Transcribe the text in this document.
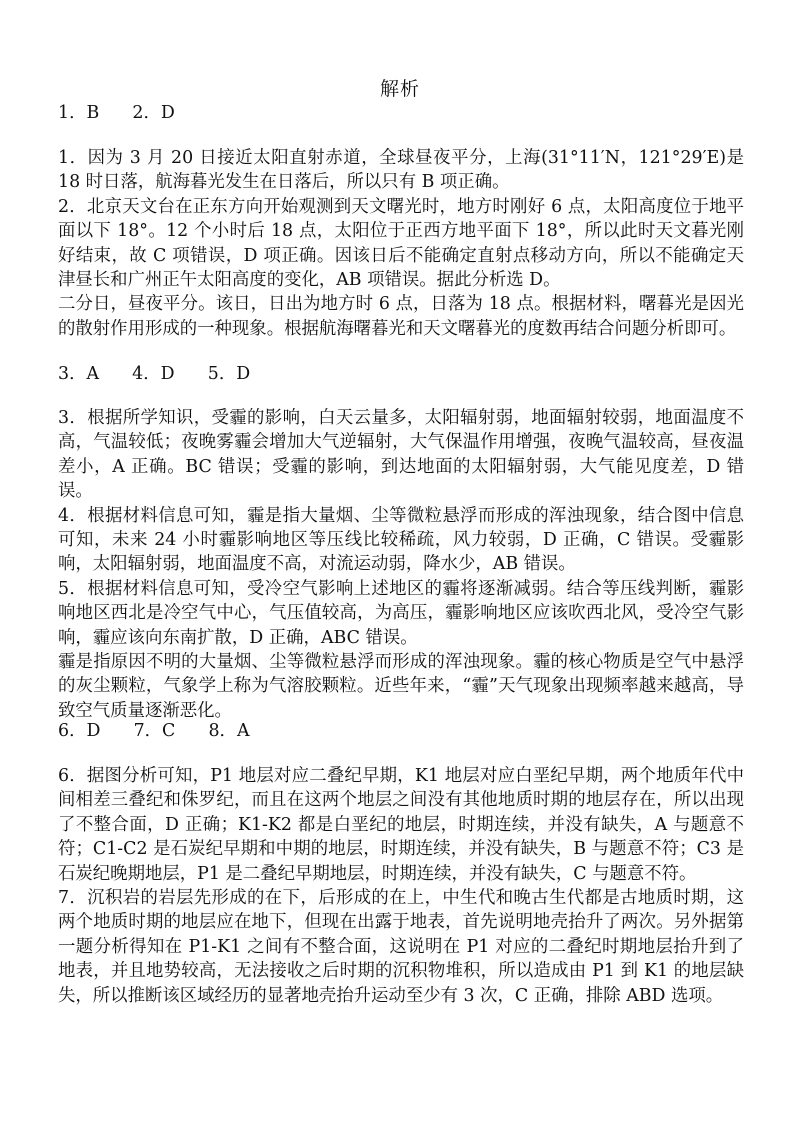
解析
1．B      2．D

1．因为 3 月 20 日接近太阳直射赤道，全球昼夜平分，上海(31°11′N，121°29′E)是18 时日落，航海暮光发生在日落后，所以只有 B 项正确。

2．北京天文台在正东方向开始观测到天文曙光时，地方时刚好 6 点，太阳高度位于地平面以下 18°。12 个小时后 18 点，太阳位于正西方地平面下 18°，所以此时天文暮光刚好结束，故 C 项错误，D 项正确。因该日后不能确定直射点移动方向，所以不能确定天津昼长和广州正午太阳高度的变化，AB 项错误。据此分析选 D。

二分日，昼夜平分。该日，日出为地方时 6 点，日落为 18 点。根据材料，曙暮光是因光的散射作用形成的一种现象。根据航海曙暮光和天文曙暮光的度数再结合问题分析即可。

3．A      4．D      5．D

3．根据所学知识，受霾的影响，白天云量多，太阳辐射弱，地面辐射较弱，地面温度不高，气温较低；夜晚雾霾会增加大气逆辐射，大气保温作用增强，夜晚气温较高，昼夜温差小，A 正确。BC 错误；受霾的影响，到达地面的太阳辐射弱，大气能见度差，D 错误。

4．根据材料信息可知，霾是指大量烟、尘等微粒悬浮而形成的浑浊现象，结合图中信息可知，未来 24 小时霾影响地区等压线比较稀疏，风力较弱，D 正确，C 错误。受霾影响，太阳辐射弱，地面温度不高，对流运动弱，降水少，AB 错误。

5．根据材料信息可知，受冷空气影响上述地区的霾将逐渐减弱。结合等压线判断，霾影响地区西北是冷空气中心，气压值较高，为高压，霾影响地区应该吹西北风，受冷空气影响，霾应该向东南扩散，D 正确，ABC 错误。

霾是指原因不明的大量烟、尘等微粒悬浮而形成的浑浊现象。霾的核心物质是空气中悬浮的灰尘颗粒，气象学上称为气溶胶颗粒。近些年来，“霾”天气现象出现频率越来越高，导致空气质量逐渐恶化。

6．D      7．C      8．A

6．据图分析可知，P1 地层对应二叠纪早期，K1 地层对应白垩纪早期，两个地质年代中间相差三叠纪和侏罗纪，而且在这两个地层之间没有其他地质时期的地层存在，所以出现了不整合面，D 正确；K1-K2 都是白垩纪的地层，时期连续，并没有缺失，A 与题意不符；C1-C2 是石炭纪早期和中期的地层，时期连续，并没有缺失，B 与题意不符；C3 是石炭纪晚期地层，P1 是二叠纪早期地层，时期连续，并没有缺失，C 与题意不符。

7．沉积岩的岩层先形成的在下，后形成的在上，中生代和晚古生代都是古地质时期，这两个地质时期的地层应在地下，但现在出露于地表，首先说明地壳抬升了两次。另外据第一题分析得知在 P1-K1 之间有不整合面，这说明在 P1 对应的二叠纪时期地层抬升到了地表，并且地势较高，无法接收之后时期的沉积物堆积，所以造成由 P1 到 K1 的地层缺失，所以推断该区域经历的显著地壳抬升运动至少有 3 次，C 正确，排除 ABD 选项。
